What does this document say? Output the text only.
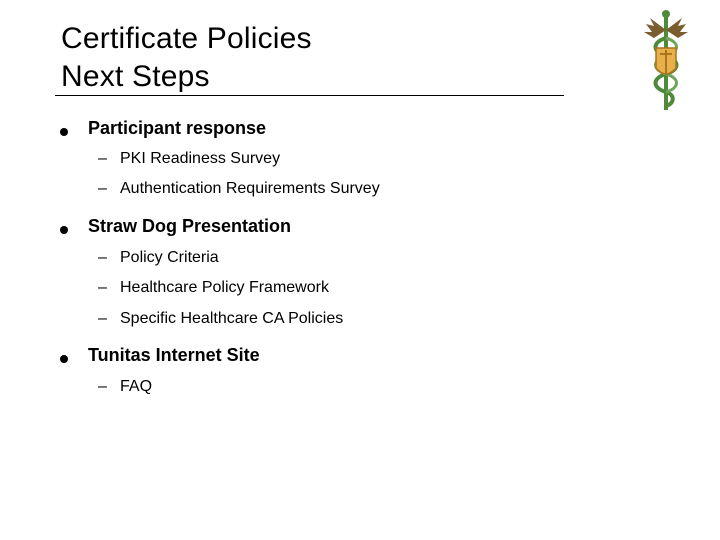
Certificate Policies
Next Steps
Participant response
– PKI Readiness Survey
– Authentication Requirements Survey
Straw Dog Presentation
– Policy Criteria
– Healthcare Policy Framework
– Specific Healthcare CA Policies
Tunitas Internet Site
– FAQ
